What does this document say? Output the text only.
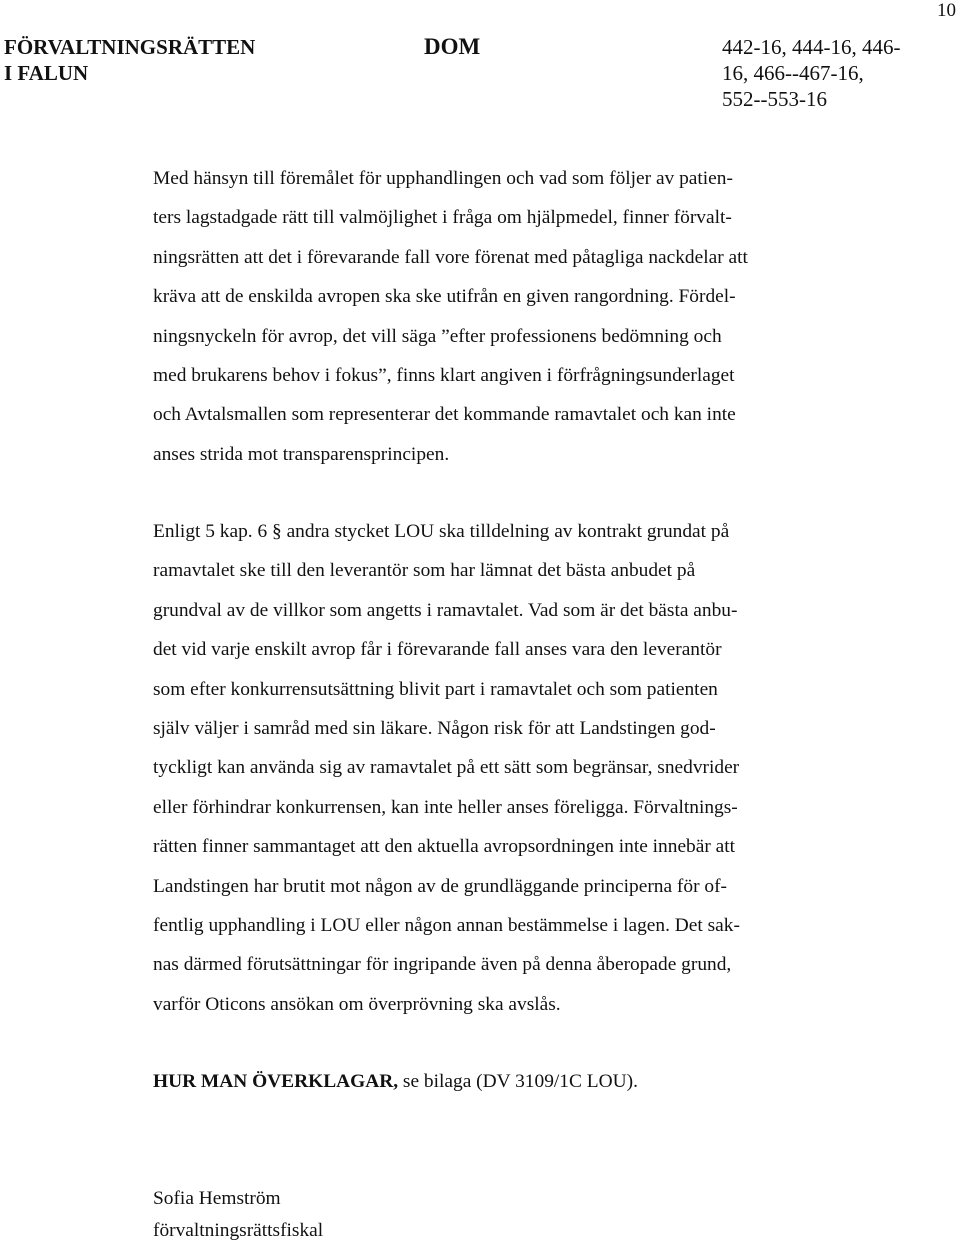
10
FÖRVALTNINGSRÄTTEN
I FALUN
DOM	442-16, 444-16, 446-
16, 466--467-16,
552--553-16

Med hänsyn till föremålet för upphandlingen och vad som följer av patien-
ters lagstadgade rätt till valmöjlighet i fråga om hjälpmedel, finner förvalt-
ningsrätten att det i förevarande fall vore förenat med påtagliga nackdelar att
kräva att de enskilda avropen ska ske utifrån en given rangordning. Fördel-
ningsnyckeln för avrop, det vill säga ”efter professionens bedömning och
med brukarens behov i fokus”, finns klart angiven i förfrågningsunderlaget
och Avtalsmallen som representerar det kommande ramavtalet och kan inte
anses strida mot transparensprincipen.

Enligt 5 kap. 6 § andra stycket LOU ska tilldelning av kontrakt grundat på
ramavtalet ske till den leverantör som har lämnat det bästa anbudet på
grundval av de villkor som angetts i ramavtalet. Vad som är det bästa anbu-
det vid varje enskilt avrop får i förevarande fall anses vara den leverantör
som efter konkurrensutsättning blivit part i ramavtalet och som patienten
själv väljer i samråd med sin läkare. Någon risk för att Landstingen god-
tyckligt kan använda sig av ramavtalet på ett sätt som begränsar, snedvrider
eller förhindrar konkurrensen, kan inte heller anses föreligga. Förvaltnings-
rätten finner sammantaget att den aktuella avropsordningen inte innebär att
Landstingen har brutit mot någon av de grundläggande principerna för of-
fentlig upphandling i LOU eller någon annan bestämmelse i lagen. Det sak-
nas därmed förutsättningar för ingripande även på denna åberopade grund,
varför Oticons ansökan om överprövning ska avslås.

HUR MAN ÖVERKLAGAR, se bilaga (DV 3109/1C LOU).

Sofia Hemström
förvaltningsrättsfiskal
